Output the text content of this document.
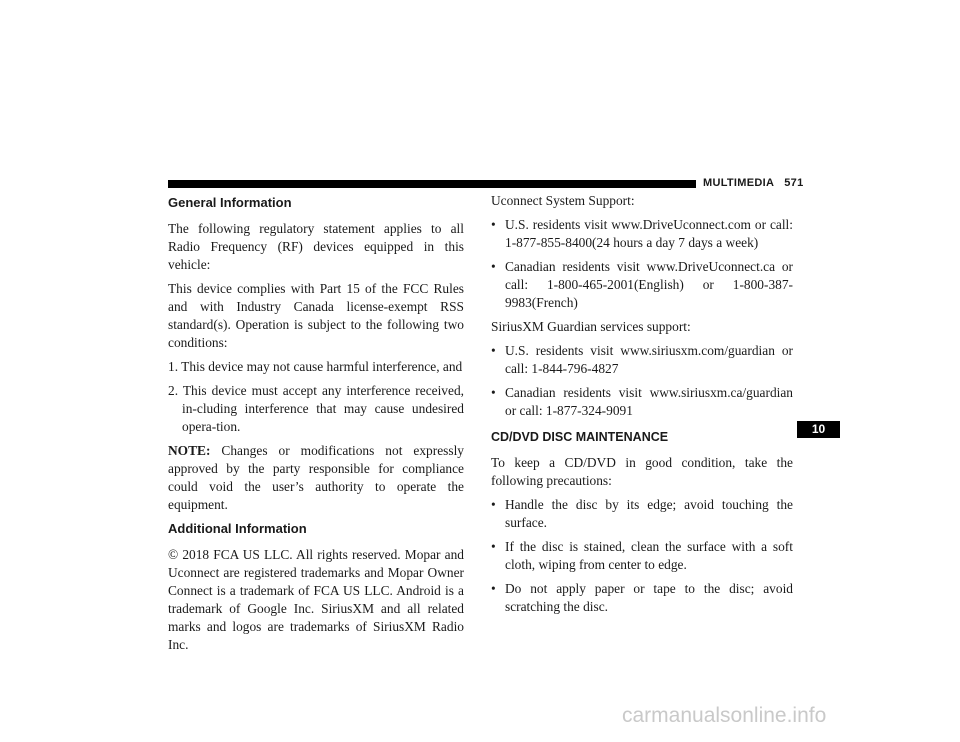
MULTIMEDIA 571
General Information

The following regulatory statement applies to all Radio Frequency (RF) devices equipped in this vehicle:

This device complies with Part 15 of the FCC Rules and with Industry Canada license-exempt RSS standard(s). Operation is subject to the following two conditions:

1. This device may not cause harmful interference, and
2. This device must accept any interference received, in-cluding interference that may cause undesired opera-tion.

NOTE: Changes or modifications not expressly approved by the party responsible for compliance could void the user’s authority to operate the equipment.

Additional Information

© 2018 FCA US LLC. All rights reserved. Mopar and Uconnect are registered trademarks and Mopar Owner Connect is a trademark of FCA US LLC. Android is a trademark of Google Inc. SiriusXM and all related marks and logos are trademarks of SiriusXM Radio Inc.

Uconnect System Support:
• U.S. residents visit www.DriveUconnect.com or call: 1-877-855-8400(24 hours a day 7 days a week)
• Canadian residents visit www.DriveUconnect.ca or call: 1-800-465-2001(English) or 1-800-387-9983(French)
SiriusXM Guardian services support:
• U.S. residents visit www.siriusxm.com/guardian or call: 1-844-796-4827
• Canadian residents visit www.siriusxm.ca/guardian or call: 1-877-324-9091
CD/DVD DISC MAINTENANCE

To keep a CD/DVD in good condition, take the following precautions:

• Handle the disc by its edge; avoid touching the surface.
• If the disc is stained, clean the surface with a soft cloth, wiping from center to edge.
• Do not apply paper or tape to the disc; avoid scratching the disc.
10
carmanualsonline.info
